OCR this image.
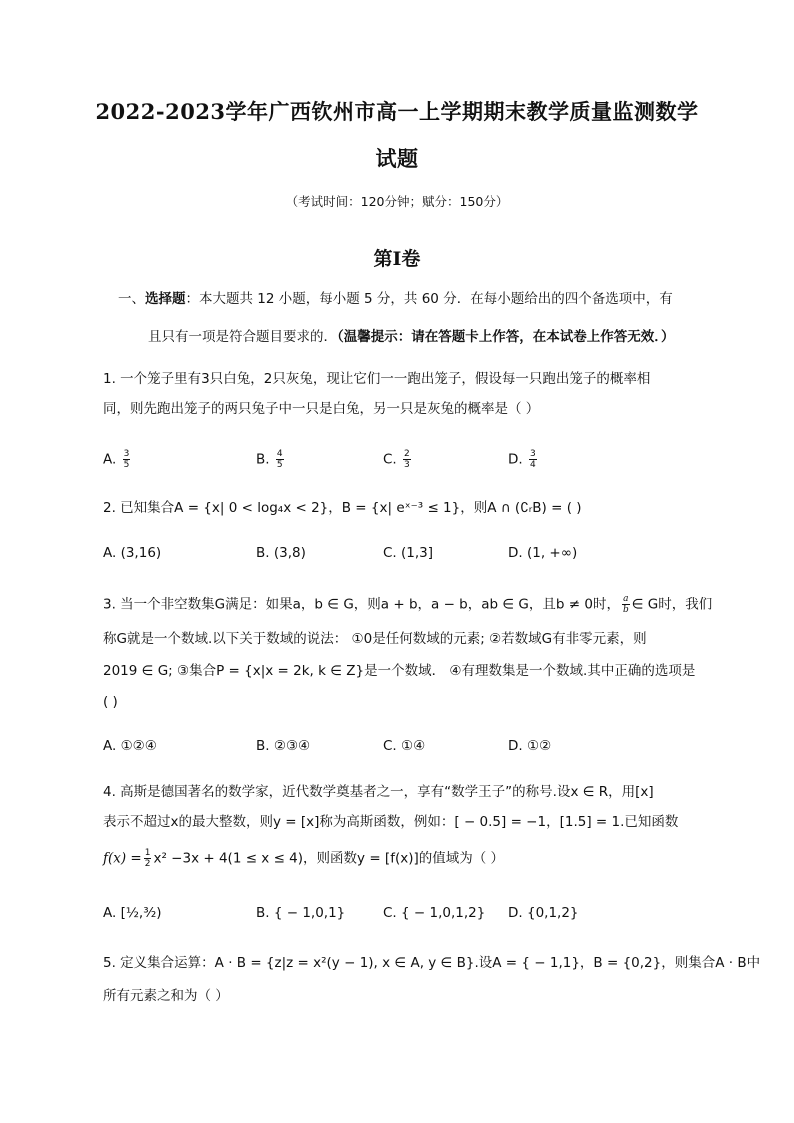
2022-2023学年广西钦州市高一上学期期末教学质量监测数学
试题
（考试时间：120分钟；赋分：150分）
第Ⅰ卷
一、选择题：本大题共 12 小题，每小题 5 分，共 60 分．在每小题给出的四个备选项中，有
且只有一项是符合题目要求的．（温馨提示：请在答题卡上作答，在本试卷上作答无效．）
1. 一个笼子里有3只白兔，2只灰兔，现让它们一一跑出笼子，假设每一只跑出笼子的概率相
同，则先跑出笼子的两只兔子中一只是白兔，另一只是灰兔的概率是（ ）
A. $\frac{3}{5}$	B. $\frac{4}{5}$	C. $\frac{2}{3}$	D. $\frac{3}{4}$
2. 已知集合A = {x| 0 < log₄x < 2}，B = {x| eˣ⁻³ ≤ 1}，则A ∩ (∁ᵣB) = ( )
A. (3,16)	B. (3,8)	C. (1,3]	D. (1, +∞)
3. 当一个非空数集G满足：如果a，b ∈ G，则a + b，a − b，ab ∈ G，且b ≠ 0时， $\frac{a}{b}$ ∈ G时，我们
称G就是一个数域.以下关于数域的说法： ①0是任何数域的元素; ②若数域G有非零元素，则
2019 ∈ G; ③集合P = {x|x = 2k, k ∈ Z}是一个数域． ④有理数集是一个数域.其中正确的选项是
( )
A. ①②④	B. ②③④	C. ①④	D. ①②
4. 高斯是德国著名的数学家，近代数学奠基者之一，享有“数学王子”的称号.设x ∈ R，用[x]
表示不超过x的最大整数，则y = [x]称为高斯函数，例如：[ − 0.5] = −1，[1.5] = 1.已知函数
$f(x) = \frac{1}{2} x^2 -3x + 4(1 \le x \le 4)$，则函数y = [f(x)]的值域为（ ）
A. [½,³⁄₂)	B. { − 1,0,1}	C. { − 1,0,1,2} D. {0,1,2}
5. 定义集合运算：A · B = {z|z = x²(y − 1), x ∈ A, y ∈ B}.设A = { − 1,1}，B = {0,2}，则集合A · B中
所有元素之和为（ ）
